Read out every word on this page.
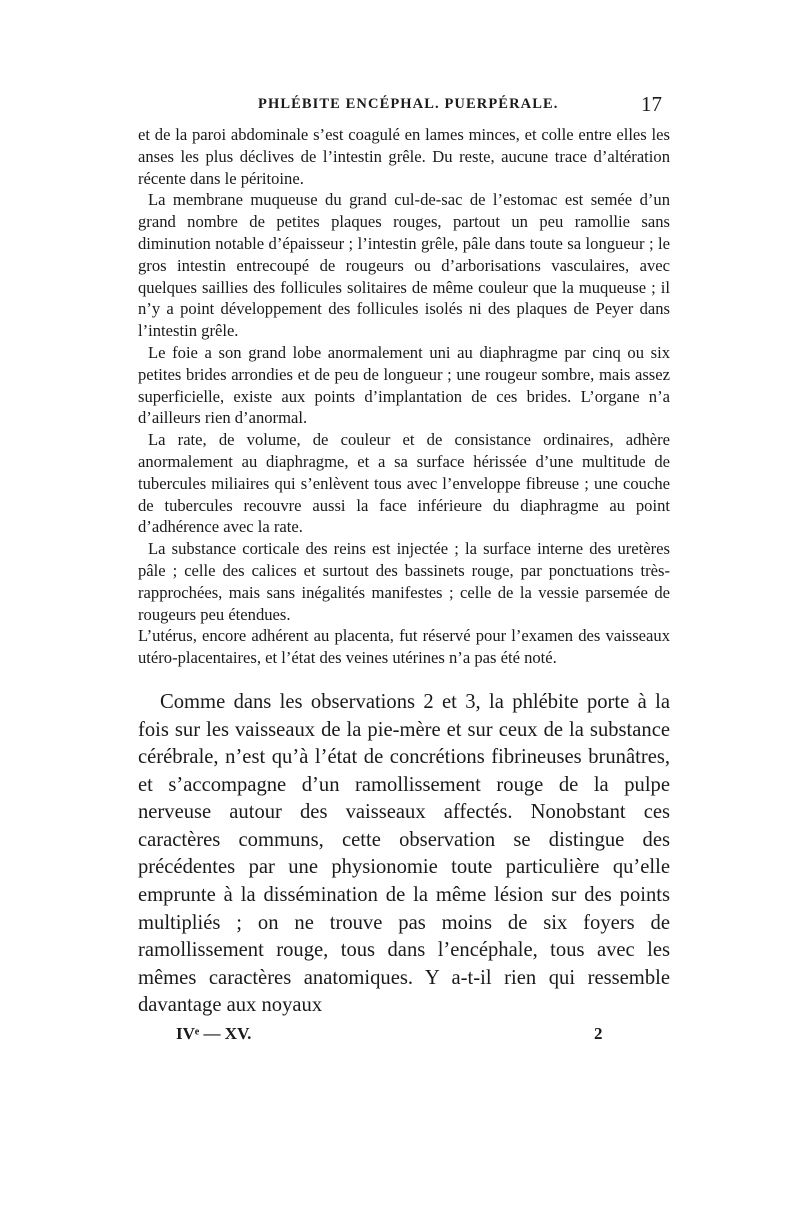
PHLÉBITE ENCÉPHAL. PUERPÉRALE.	17

et de la paroi abdominale s’est coagulé en lames minces, et colle entre elles les anses les plus déclives de l’intestin grêle. Du reste, aucune trace d’altération récente dans le péritoine.

La membrane muqueuse du grand cul-de-sac de l’estomac est semée d’un grand nombre de petites plaques rouges, partout un peu ramollie sans diminution notable d’épaisseur ; l’intestin grêle, pâle dans toute sa longueur ; le gros intestin entrecoupé de rougeurs ou d’arborisations vasculaires, avec quelques saillies des follicules solitaires de même couleur que la muqueuse ; il n’y a point développement des follicules isolés ni des plaques de Peyer dans l’intestin grêle.

Le foie a son grand lobe anormalement uni au diaphragme par cinq ou six petites brides arrondies et de peu de longueur ; une rougeur sombre, mais assez superficielle, existe aux points d’implantation de ces brides. L’organe n’a d’ailleurs rien d’anormal.

La rate, de volume, de couleur et de consistance ordinaires, adhère anormalement au diaphragme, et a sa surface hérissée d’une multitude de tubercules miliaires qui s’enlèvent tous avec l’enveloppe fibreuse ; une couche de tubercules recouvre aussi la face inférieure du diaphragme au point d’adhérence avec la rate.

La substance corticale des reins est injectée ; la surface interne des uretères pâle ; celle des calices et surtout des bassinets rouge, par ponctuations très-rapprochées, mais sans inégalités manifestes ; celle de la vessie parsemée de rougeurs peu étendues.

L’utérus, encore adhérent au placenta, fut réservé pour l’examen des vaisseaux utéro-placentaires, et l’état des veines utérines n’a pas été noté.

Comme dans les observations 2 et 3, la phlébite porte à la fois sur les vaisseaux de la pie-mère et sur ceux de la substance cérébrale, n’est qu’à l’état de concrétions fibrineuses brunâtres, et s’accompagne d’un ramollissement rouge de la pulpe nerveuse autour des vaisseaux affectés. Nonobstant ces caractères communs, cette observation se distingue des précédentes par une physionomie toute particulière qu’elle emprunte à la dissémination de la même lésion sur des points multipliés ; on ne trouve pas moins de six foyers de ramollissement rouge, tous dans l’encéphale, tous avec les mêmes caractères anatomiques. Y a-t-il rien qui ressemble davantage aux noyaux

IVᵉ — XV.	2
